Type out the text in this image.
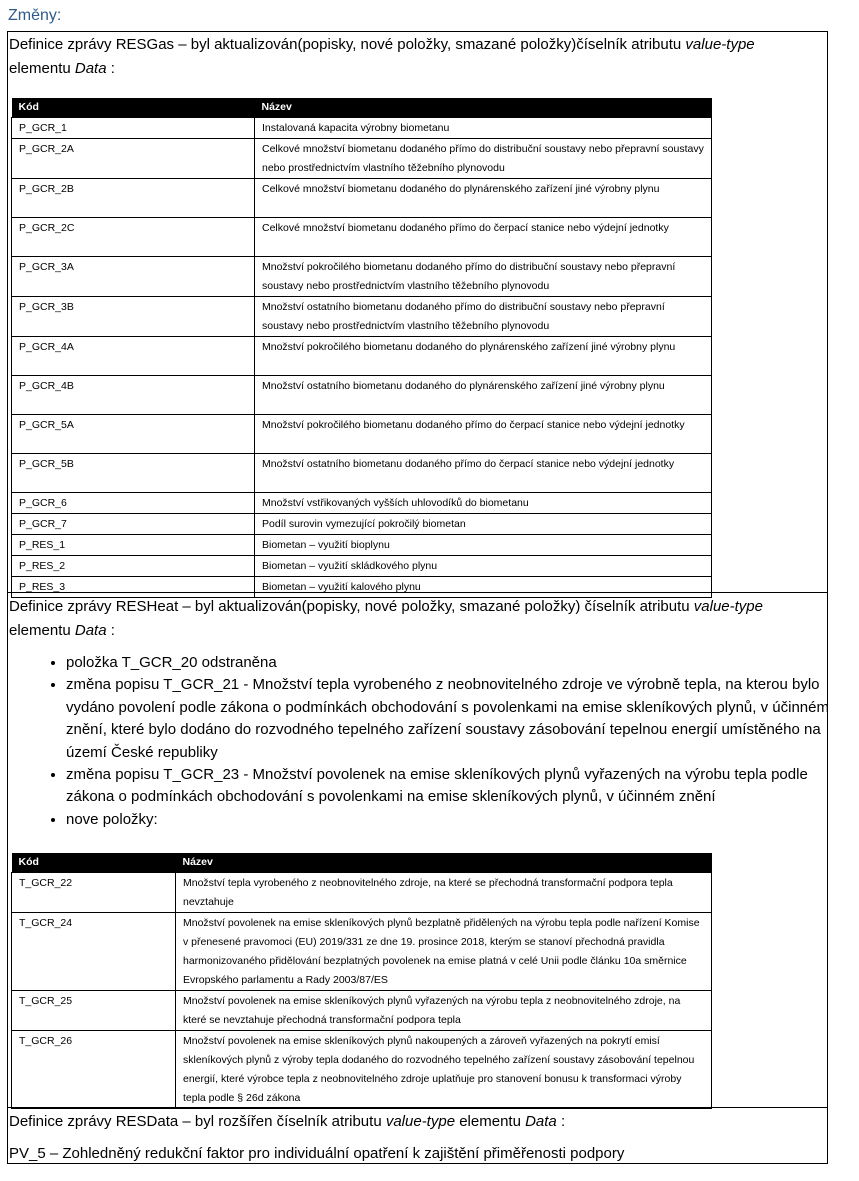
Změny:
Definice zprávy RESGas – byl aktualizován(popisky, nové položky, smazané položky)číselník atributu value-type elementu Data :
Kód	Název
P_GCR_1	Instalovaná kapacita výrobny biometanu
P_GCR_2A	Celkové množství biometanu dodaného přímo do distribuční soustavy nebo přepravní soustavy nebo prostřednictvím vlastního těžebního plynovodu
P_GCR_2B	Celkové množství biometanu dodaného do plynárenského zařízení jiné výrobny plynu
P_GCR_2C	Celkové množství biometanu dodaného přímo do čerpací stanice nebo výdejní jednotky
P_GCR_3A	Množství pokročilého biometanu dodaného přímo do distribuční soustavy nebo přepravní soustavy nebo prostřednictvím vlastního těžebního plynovodu
P_GCR_3B	Množství ostatního biometanu dodaného přímo do distribuční soustavy nebo přepravní soustavy nebo prostřednictvím vlastního těžebního plynovodu
P_GCR_4A	Množství pokročilého biometanu dodaného do plynárenského zařízení jiné výrobny plynu
P_GCR_4B	Množství ostatního biometanu dodaného do plynárenského zařízení jiné výrobny plynu
P_GCR_5A	Množství pokročilého biometanu dodaného přímo do čerpací stanice nebo výdejní jednotky
P_GCR_5B	Množství ostatního biometanu dodaného přímo do čerpací stanice nebo výdejní jednotky
P_GCR_6	Množství vstřikovaných vyšších uhlovodíků do biometanu
P_GCR_7	Podíl surovin vymezující pokročilý biometan
P_RES_1	Biometan – využití bioplynu
P_RES_2	Biometan – využití skládkového plynu
P_RES_3	Biometan – využití kalového plynu
Definice zprávy RESHeat – byl aktualizován(popisky, nové položky, smazané položky) číselník atributu value-type elementu Data :
• položka T_GCR_20 odstraněna
• změna popisu T_GCR_21 - Množství tepla vyrobeného z neobnovitelného zdroje ve výrobně tepla, na kterou bylo vydáno povolení podle zákona o podmínkách obchodování s povolenkami na emise skleníkových plynů, v účinném znění, které bylo dodáno do rozvodného tepelného zařízení soustavy zásobování tepelnou energií umístěného na území České republiky
• změna popisu T_GCR_23 - Množství povolenek na emise skleníkových plynů vyřazených na výrobu tepla podle zákona o podmínkách obchodování s povolenkami na emise skleníkových plynů, v účinném znění
• nove položky:
Kód	Název
T_GCR_22	Množství tepla vyrobeného z neobnovitelného zdroje, na které se přechodná transformační podpora tepla nevztahuje
T_GCR_24	Množství povolenek na emise skleníkových plynů bezplatně přidělených na výrobu tepla podle nařízení Komise v přenesené pravomoci (EU) 2019/331 ze dne 19. prosince 2018, kterým se stanoví přechodná pravidla harmonizovaného přidělování bezplatných povolenek na emise platná v celé Unii podle článku 10a směrnice Evropského parlamentu a Rady 2003/87/ES
T_GCR_25	Množství povolenek na emise skleníkových plynů vyřazených na výrobu tepla z neobnovitelného zdroje, na které se nevztahuje přechodná transformační podpora tepla
T_GCR_26	Množství povolenek na emise skleníkových plynů nakoupených a zároveň vyřazených na pokrytí emisí skleníkových plynů z výroby tepla dodaného do rozvodného tepelného zařízení soustavy zásobování tepelnou energií, které výrobce tepla z neobnovitelného zdroje uplatňuje pro stanovení bonusu k transformaci výroby tepla podle § 26d zákona
Definice zprávy RESData – byl rozšířen číselník atributu value-type elementu Data :
PV_5 – Zohledněný redukční faktor pro individuální opatření k zajištění přiměřenosti podpory
